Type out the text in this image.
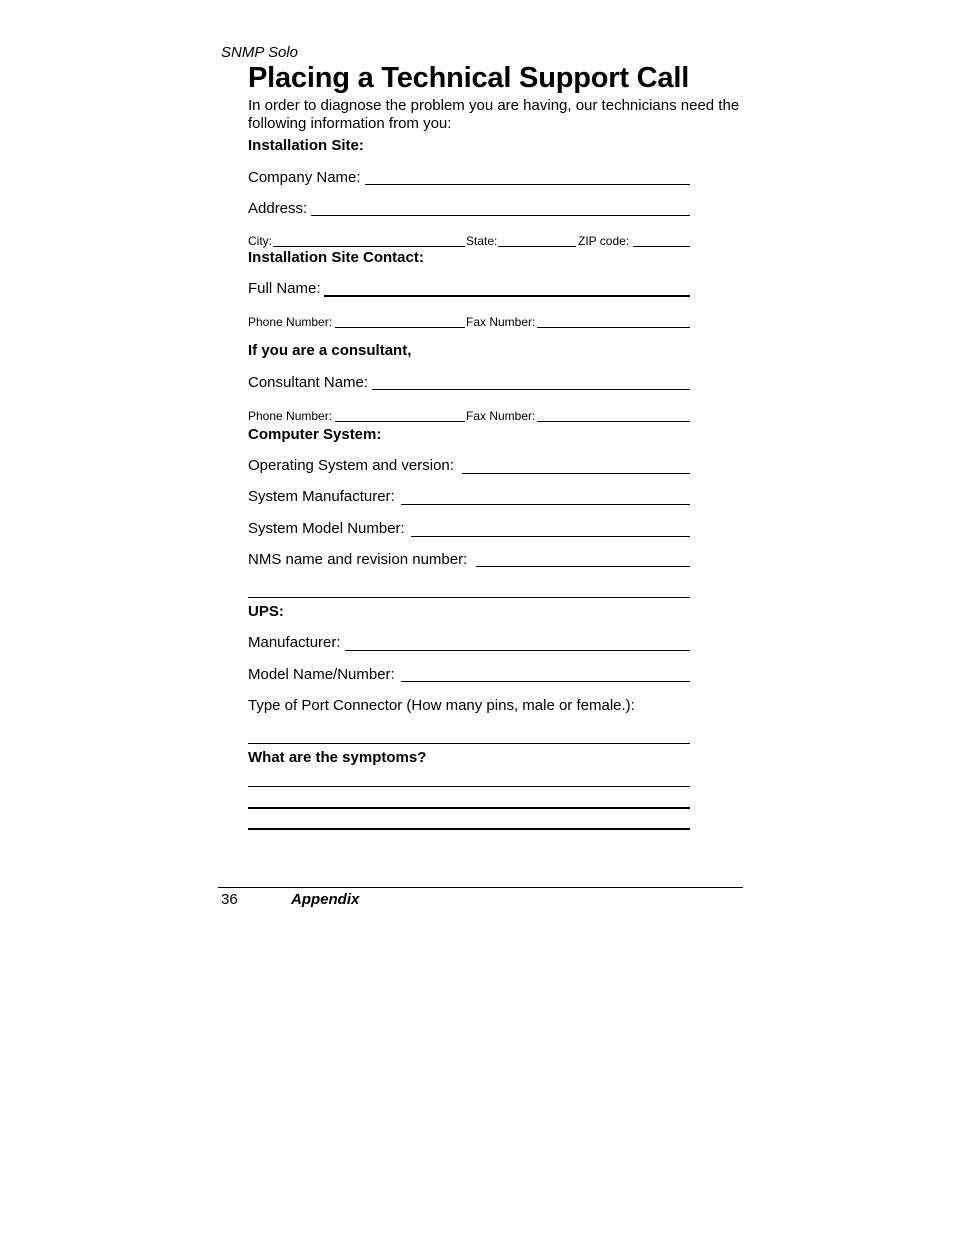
SNMP Solo
Placing a Technical Support Call
In order to diagnose the problem you are having, our technicians need the following information from you:
Installation Site:
Company Name:
Address:
City:	State:	ZIP code:
Installation Site Contact:
Full Name:
Phone Number:	Fax Number:
If you are a consultant,
Consultant Name:
Phone Number:	Fax Number:
Computer System:
Operating System and version:
System Manufacturer:
System Model Number:
NMS name and revision number:
UPS:
Manufacturer:
Model Name/Number:
Type of Port Connector (How many pins, male or female.):
What are the symptoms?
36	Appendix
